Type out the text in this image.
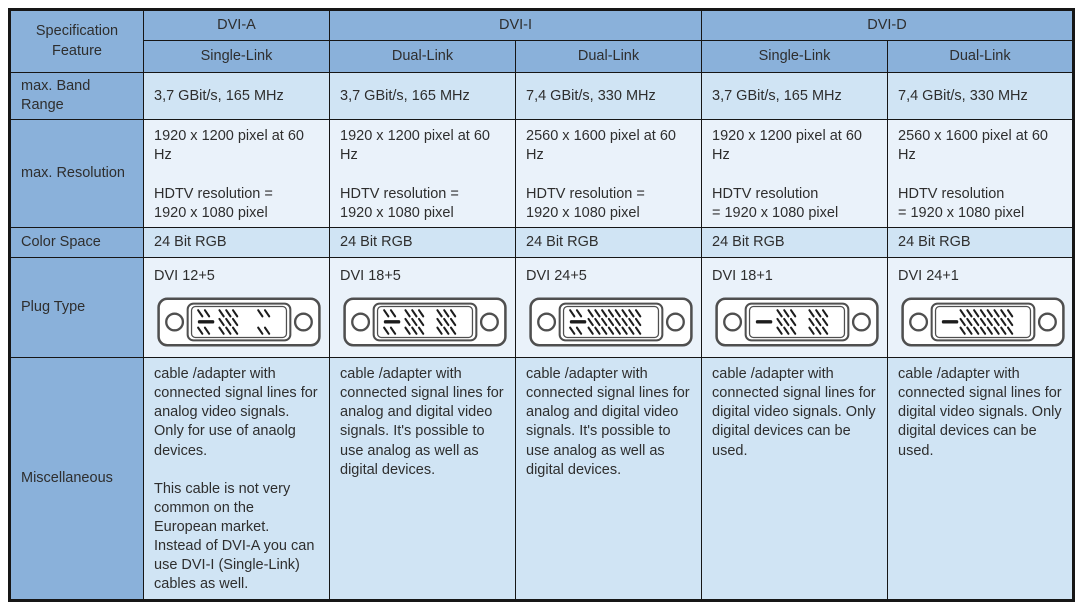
Specification
Feature	DVI-A	DVI-I		DVI-D	
	Single-Link	Dual-Link	Dual-Link	Single-Link	Dual-Link
max. Band Range	3,7 GBit/s, 165 MHz	3,7 GBit/s, 165 MHz	7,4 GBit/s, 330 MHz	3,7 GBit/s, 165 MHz	7,4 GBit/s, 330 MHz
max. Resolution	1920 x 1200 pixel at 60 Hz

HDTV resolution =
1920 x 1080 pixel	1920 x 1200 pixel at 60 Hz

HDTV resolution =
1920 x 1080 pixel	2560 x 1600 pixel at 60 Hz

HDTV resolution =
1920 x 1080 pixel	1920 x 1200 pixel at 60 Hz

HDTV resolution
= 1920 x 1080 pixel	2560 x 1600 pixel at 60 Hz

HDTV resolution
= 1920 x 1080 pixel
Color Space	24 Bit RGB	24 Bit RGB	24 Bit RGB	24 Bit RGB	24 Bit RGB
Plug Type	DVI 12+5	DVI 18+5	DVI 24+5	DVI 18+1	DVI 24+1

Miscellaneous	cable /adapter with connected signal lines for analog video signals. Only for use of anaolg devices.

This cable is not very common on the European market. Instead of DVI-A you can use DVI-I (Single-Link) cables as well.	cable /adapter with connected signal lines for analog and digital video signals. It's possible to use analog as well as digital devices.	cable /adapter with connected signal lines for analog and digital video signals. It's possible to use analog as well as digital devices.	cable /adapter with connected signal lines for digital video signals. Only digital devices can be used.	cable /adapter with connected signal lines for digital video signals. Only digital devices can be used.
